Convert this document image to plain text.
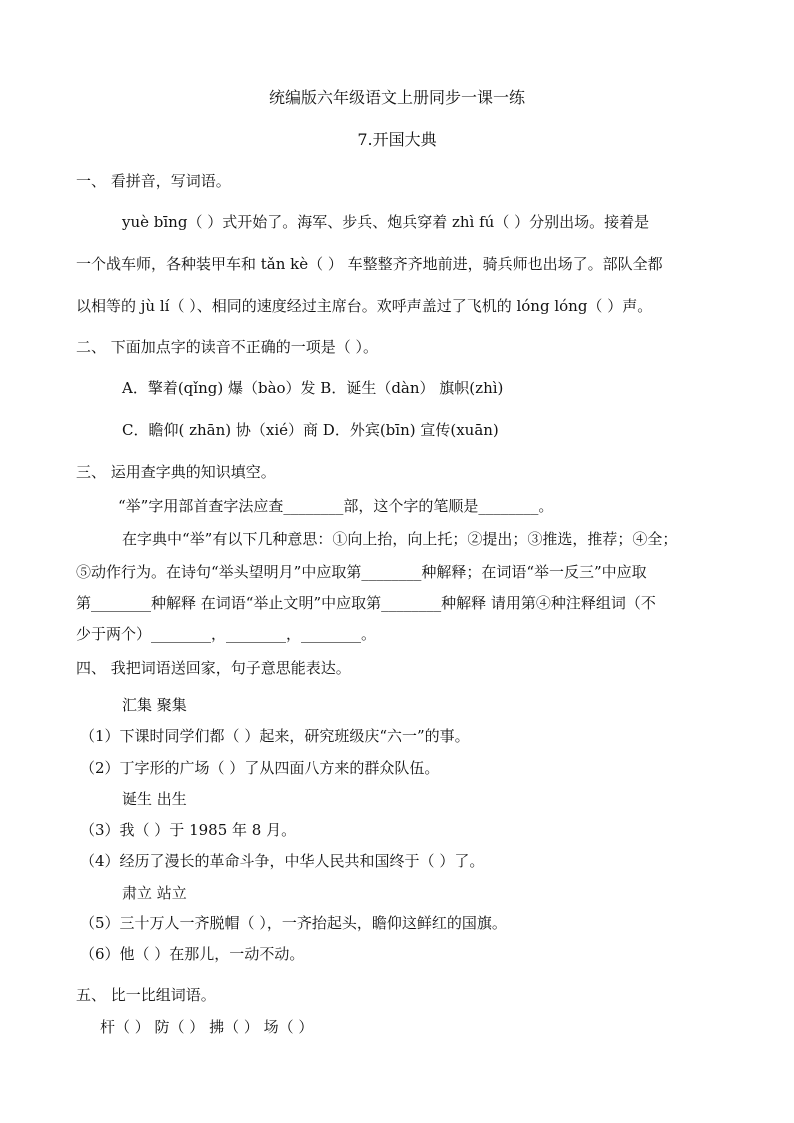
统编版六年级语文上册同步一课一练
7.开国大典
一、 看拼音，写词语。
yuè bīng（ ）式开始了。海军、步兵、炮兵穿着 zhì fú（ ）分别出场。接着是
一个战车师，各种装甲车和 tǎn kè（ ） 车整整齐齐地前进，骑兵师也出场了。部队全都
以相等的 jù lí（ ）、相同的速度经过主席台。欢呼声盖过了飞机的 lóng lóng（ ）声。
二、 下面加点字的读音不正确的一项是（ ）。
A．擎着(qǐng) 爆（bào）发 B．诞生（dàn） 旗帜(zhì)
C．瞻仰( zhān) 协（xié）商 D．外宾(bīn) 宣传(xuān)
三、 运用查字典的知识填空。
“举”字用部首查字法应查________部，这个字的笔顺是________。
在字典中“举”有以下几种意思：①向上抬，向上托；②提出；③推选，推荐；④全；
⑤动作行为。在诗句“举头望明月”中应取第________种解释；在词语“举一反三”中应取
第________种解释 在词语“举止文明”中应取第________种解释 请用第④种注释组词（不
少于两个）________，________，________。
四、 我把词语送回家，句子意思能表达。
汇集 聚集
（1）下课时同学们都（ ）起来，研究班级庆“六一”的事。
（2）丁字形的广场（ ）了从四面八方来的群众队伍。
诞生 出生
（3）我（ ）于 1985 年 8 月。
（4）经历了漫长的革命斗争，中华人民共和国终于（ ）了。
肃立 站立
（5）三十万人一齐脱帽（ ），一齐抬起头，瞻仰这鲜红的国旗。
（6）他（ ）在那儿，一动不动。
五、 比一比组词语。
杆（ ） 防（ ） 拂（ ） 场（ ）
